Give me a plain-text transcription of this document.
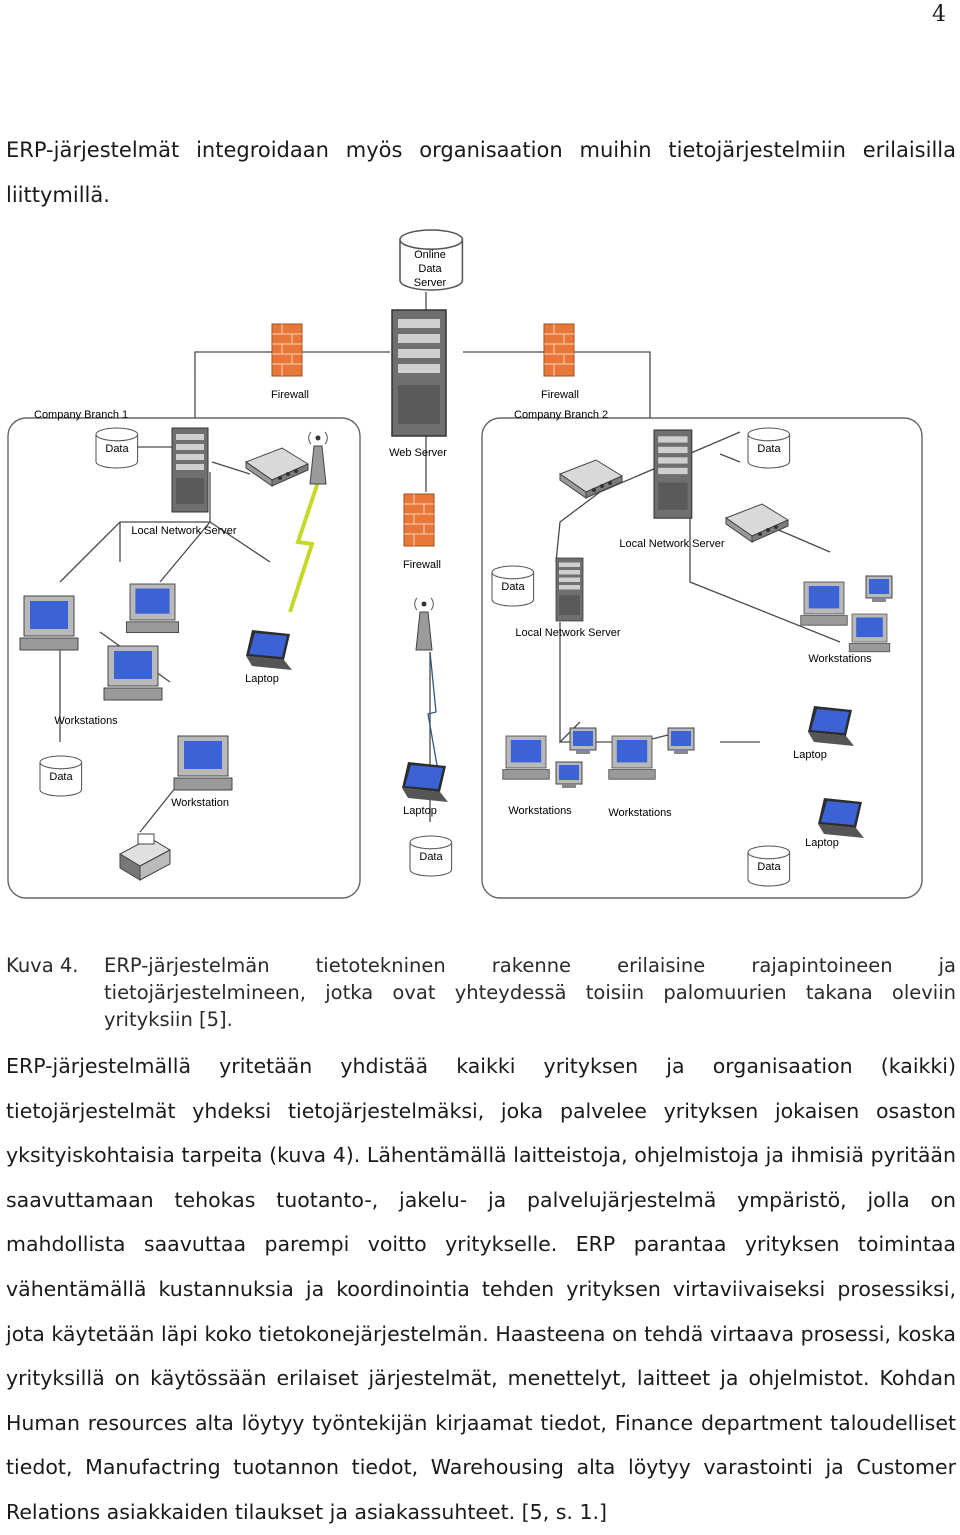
4
ERP-järjestelmät integroidaan myös organisaation muihin tietojärjestelmiin erilaisilla
liittymillä.
Online
Data
Server
Web Server
Firewall	Firewall
Firewall
Company Branch 1	Company Branch 2
Data
Local Network Server
Workstations
Laptop
Data
Workstation
Local Network Server
Data
Workstations
Data
Local Network Server
Laptop
Workstations	Workstations
Laptop
Data
Data
Laptop
Kuva 4. ERP-järjestelmän tietotekninen rakenne erilaisine rajapintoineen ja tietojärjestelmineen, jotka ovat yhteydessä toisiin palomuurien takana oleviin yrityksiin [5].
ERP-järjestelmällä yritetään yhdistää kaikki yrityksen ja organisaation (kaikki) tietojärjestelmät yhdeksi tietojärjestelmäksi, joka palvelee yrityksen jokaisen osaston yksityiskohtaisia tarpeita (kuva 4). Lähentämällä laitteistoja, ohjelmistoja ja ihmisiä pyritään saavuttamaan tehokas tuotanto-, jakelu- ja palvelujärjestelmä ympäristö, jolla on mahdollista saavuttaa parempi voitto yritykselle. ERP parantaa yrityksen toimintaa vähentämällä kustannuksia ja koordinointia tehden yrityksen virtaviivaiseksi prosessiksi, jota käytetään läpi koko tietokonejärjestelmän. Haasteena on tehdä virtaava prosessi, koska yrityksillä on käytössään erilaiset järjestelmät, menettelyt, laitteet ja ohjelmistot. Kohdan Human resources alta löytyy työntekijän kirjaamat tiedot, Finance department taloudelliset tiedot, Manufactring tuotannon tiedot, Warehousing alta löytyy varastointi ja Customer Relations asiakkaiden tilaukset ja asiakassuhteet. [5, s. 1.]
